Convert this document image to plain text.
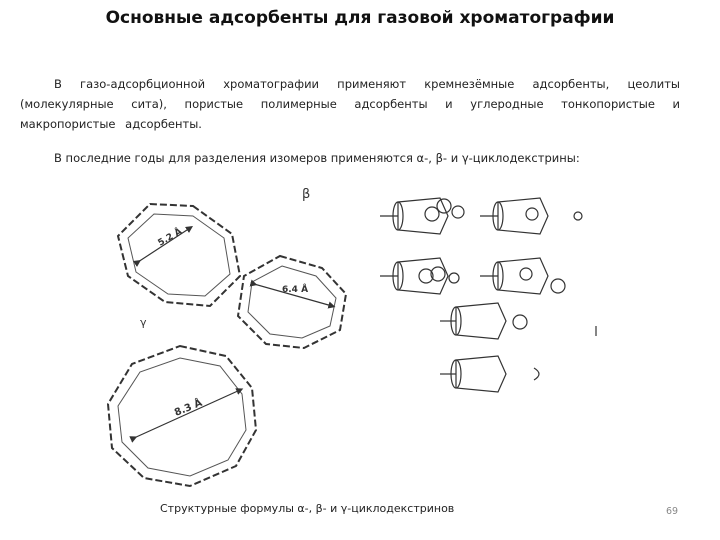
Основные адсорбенты для газовой хроматографии

В газо-адсорбционной хроматографии применяют кремнезёмные адсорбенты, цеолиты (молекулярные сита), пористые полимерные адсорбенты и углеродные тонкопористые и макропористые адсорбенты.

В последние годы для разделения изомеров применяются α-, β- и γ-циклодекстрины:

5.2 Å
6.4 Å
β
8.3 Å
γ
Структурные формулы α-, β- и γ-циклодекстринов	69
